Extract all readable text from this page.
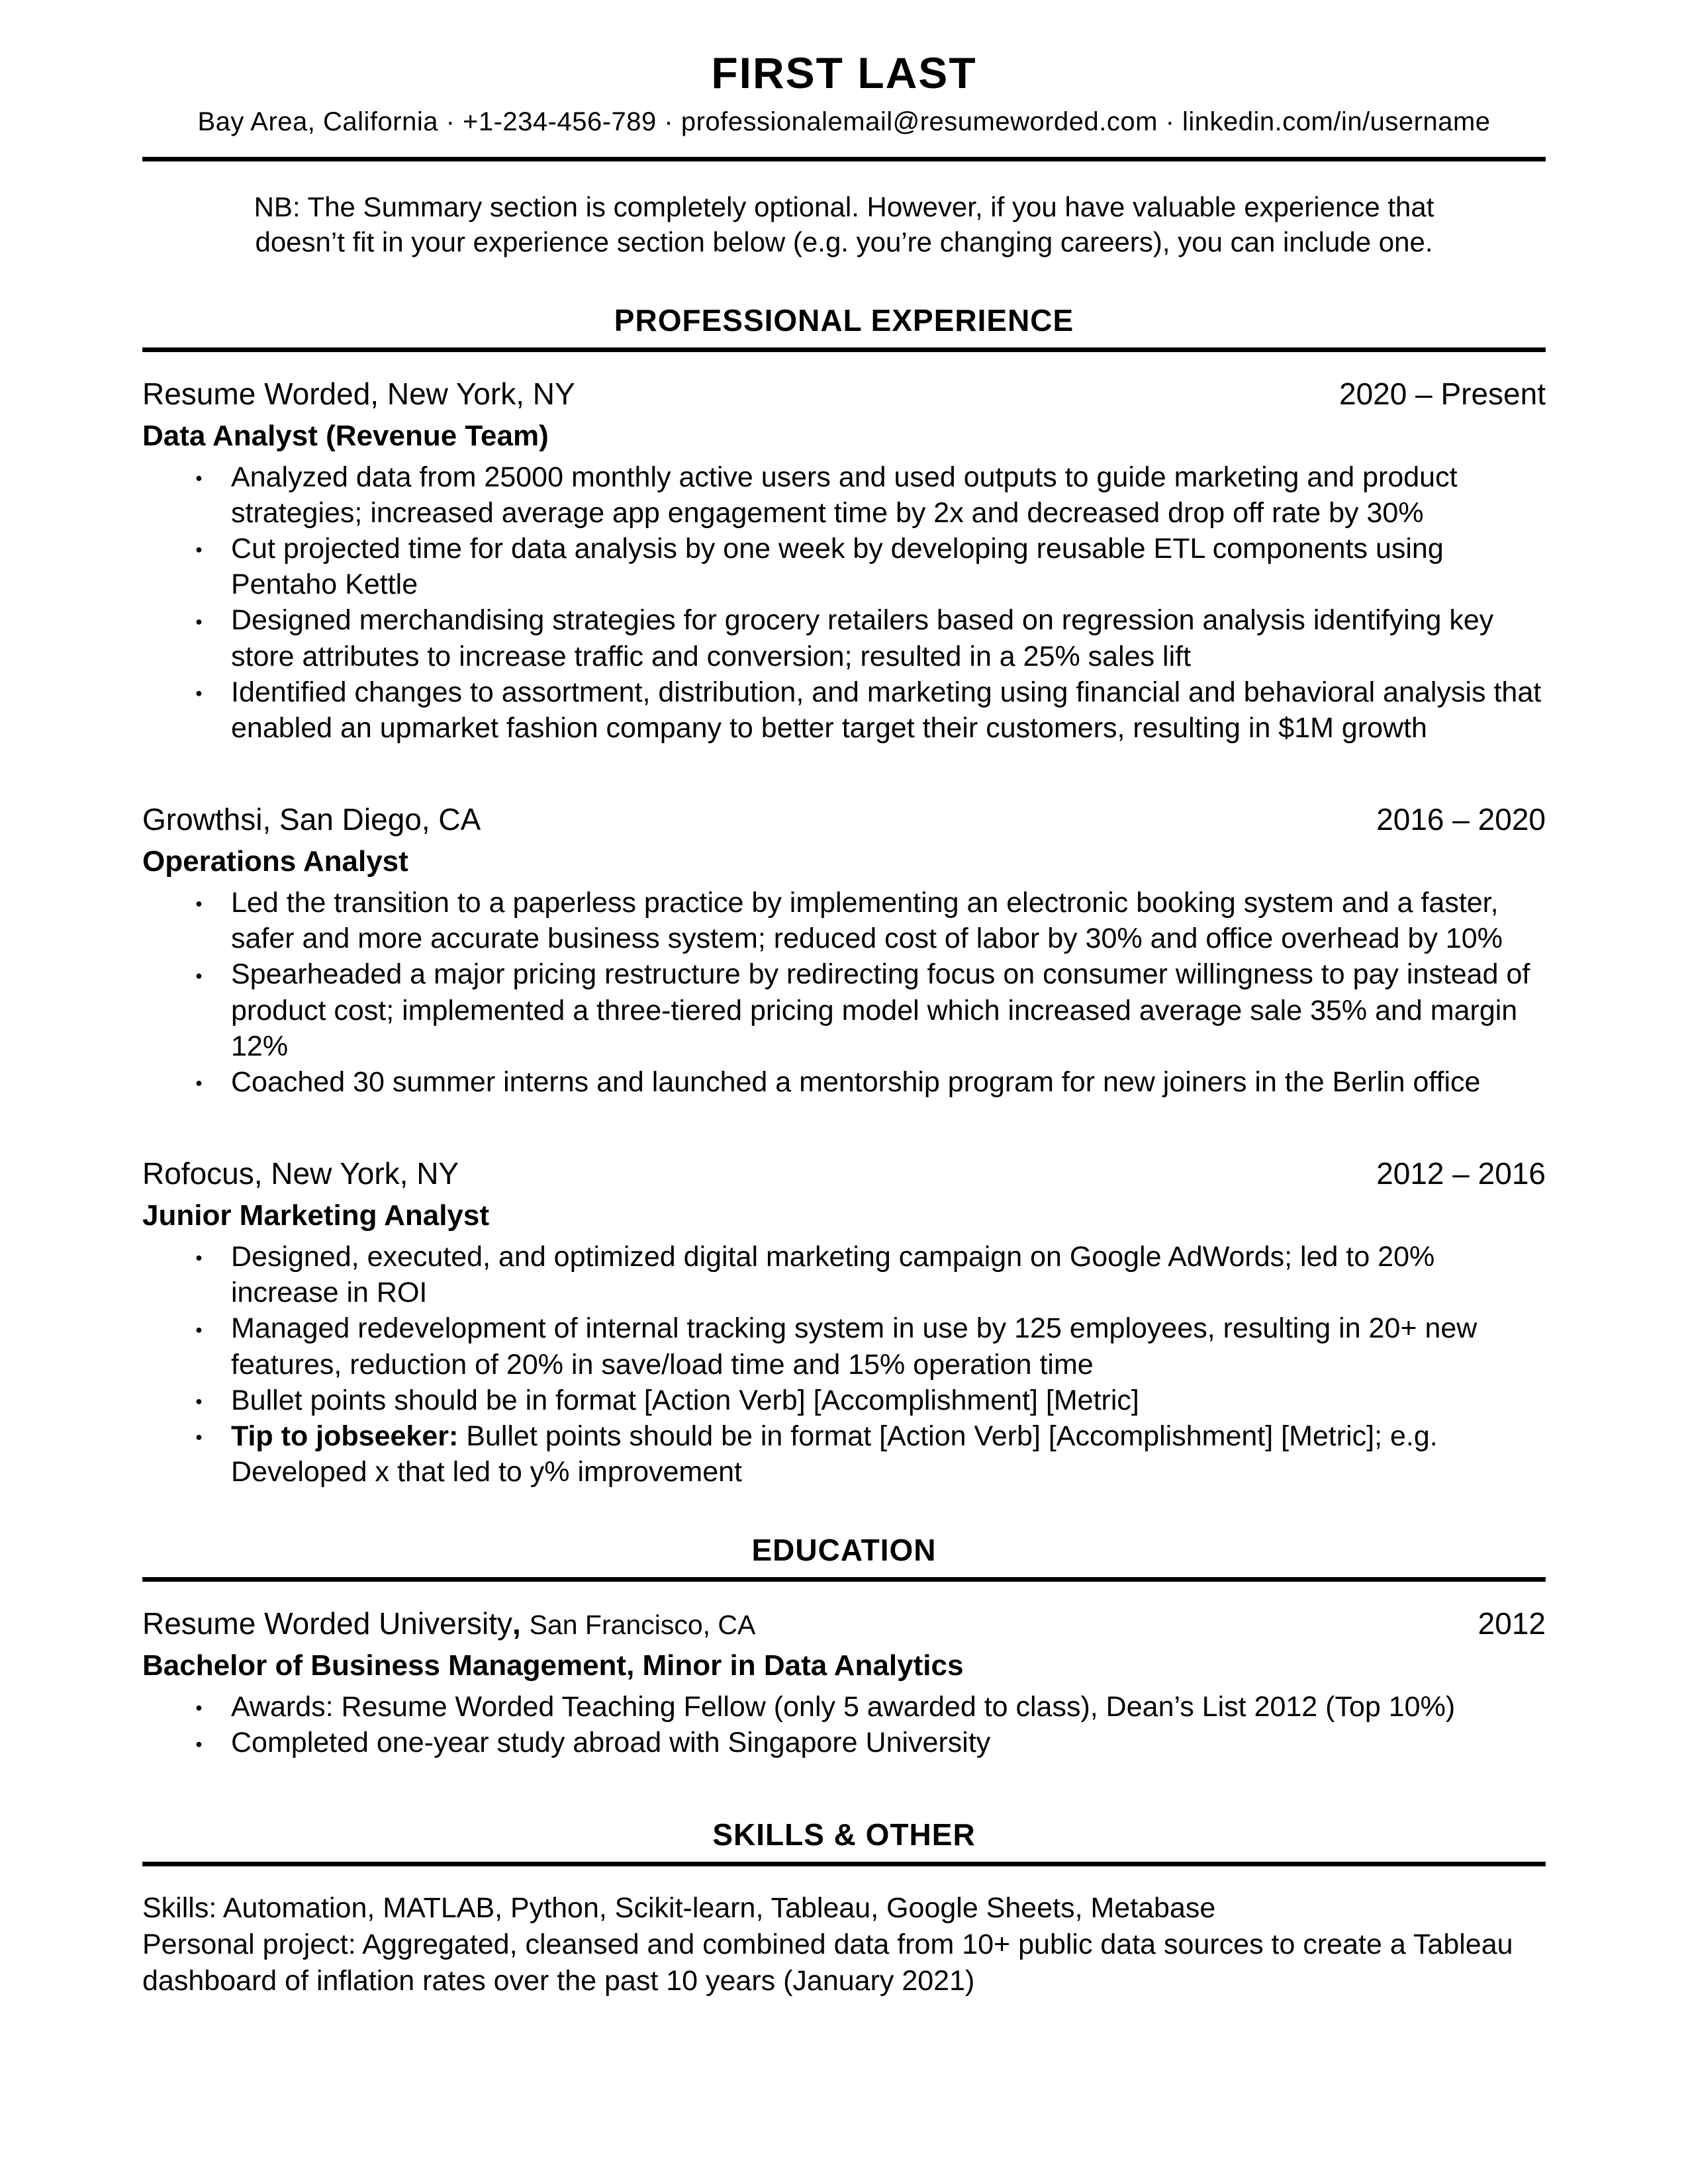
FIRST LAST
Bay Area, California · +1-234-456-789 · professionalemail@resumeworded.com · linkedin.com/in/username
NB: The Summary section is completely optional. However, if you have valuable experience that
doesn’t fit in your experience section below (e.g. you’re changing careers), you can include one.
PROFESSIONAL EXPERIENCE
Resume Worded, New York, NY	2020 – Present
Data Analyst (Revenue Team)
● Analyzed data from 25000 monthly active users and used outputs to guide marketing and product strategies; increased average app engagement time by 2x and decreased drop off rate by 30%
● Cut projected time for data analysis by one week by developing reusable ETL components using Pentaho Kettle
● Designed merchandising strategies for grocery retailers based on regression analysis identifying key store attributes to increase traffic and conversion; resulted in a 25% sales lift
● Identified changes to assortment, distribution, and marketing using financial and behavioral analysis that enabled an upmarket fashion company to better target their customers, resulting in $1M growth
Growthsi, San Diego, CA	2016 – 2020
Operations Analyst
● Led the transition to a paperless practice by implementing an electronic booking system and a faster, safer and more accurate business system; reduced cost of labor by 30% and office overhead by 10%
● Spearheaded a major pricing restructure by redirecting focus on consumer willingness to pay instead of product cost; implemented a three-tiered pricing model which increased average sale 35% and margin 12%
● Coached 30 summer interns and launched a mentorship program for new joiners in the Berlin office
Rofocus, New York, NY	2012 – 2016
Junior Marketing Analyst
● Designed, executed, and optimized digital marketing campaign on Google AdWords; led to 20% increase in ROI
● Managed redevelopment of internal tracking system in use by 125 employees, resulting in 20+ new features, reduction of 20% in save/load time and 15% operation time
● Bullet points should be in format [Action Verb] [Accomplishment] [Metric]
● Tip to jobseeker: Bullet points should be in format [Action Verb] [Accomplishment] [Metric]; e.g. Developed x that led to y% improvement
EDUCATION
Resume Worded University, San Francisco, CA	2012
Bachelor of Business Management, Minor in Data Analytics
● Awards: Resume Worded Teaching Fellow (only 5 awarded to class), Dean’s List 2012 (Top 10%)
● Completed one-year study abroad with Singapore University
SKILLS & OTHER

Skills: Automation, MATLAB, Python, Scikit-learn, Tableau, Google Sheets, Metabase

Personal project: Aggregated, cleansed and combined data from 10+ public data sources to create a Tableau dashboard of inflation rates over the past 10 years (January 2021)
